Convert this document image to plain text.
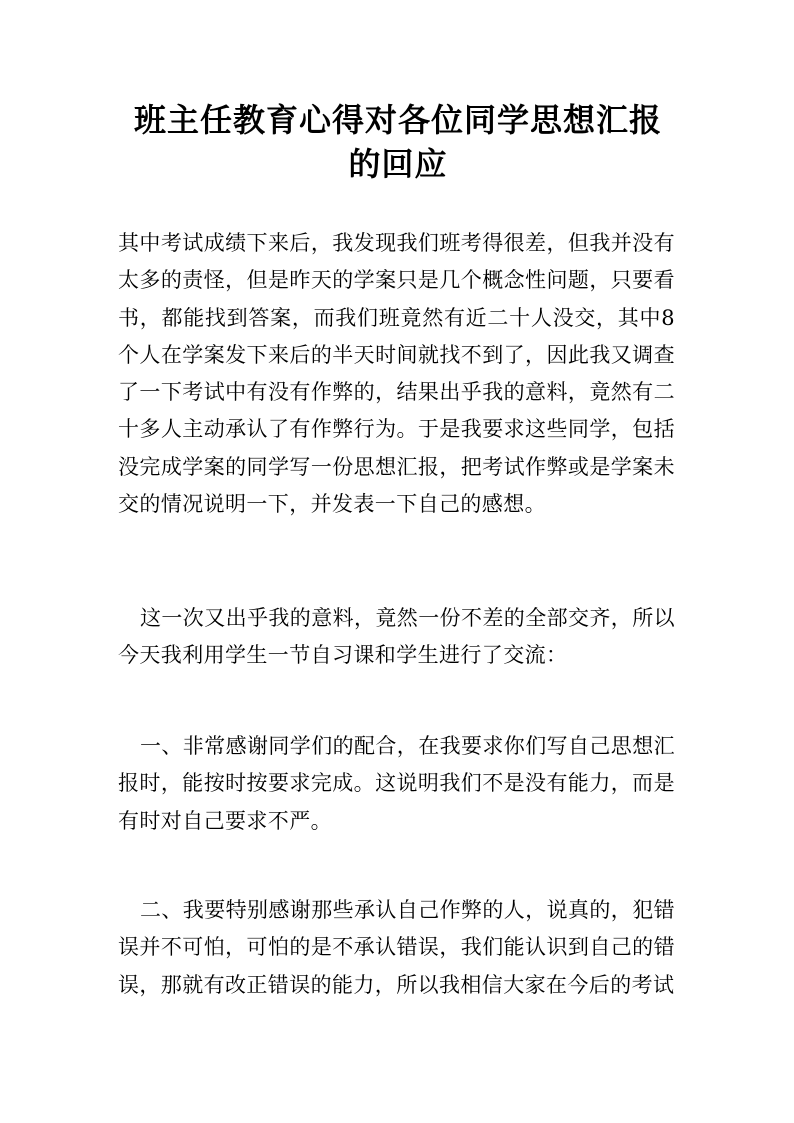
班主任教育心得对各位同学思想汇报的回应

其中考试成绩下来后，我发现我们班考得很差，但我并没有太多的责怪，但是昨天的学案只是几个概念性问题，只要看书，都能找到答案，而我们班竟然有近二十人没交，其中8个人在学案发下来后的半天时间就找不到了，因此我又调查了一下考试中有没有作弊的，结果出乎我的意料，竟然有二十多人主动承认了有作弊行为。于是我要求这些同学，包括没完成学案的同学写一份思想汇报，把考试作弊或是学案未交的情况说明一下，并发表一下自己的感想。

这一次又出乎我的意料，竟然一份不差的全部交齐，所以今天我利用学生一节自习课和学生进行了交流：

一、非常感谢同学们的配合，在我要求你们写自己思想汇报时，能按时按要求完成。这说明我们不是没有能力，而是有时对自己要求不严。

二、我要特别感谢那些承认自己作弊的人，说真的，犯错误并不可怕，可怕的是不承认错误，我们能认识到自己的错误，那就有改正错误的能力，所以我相信大家在今后的考试
